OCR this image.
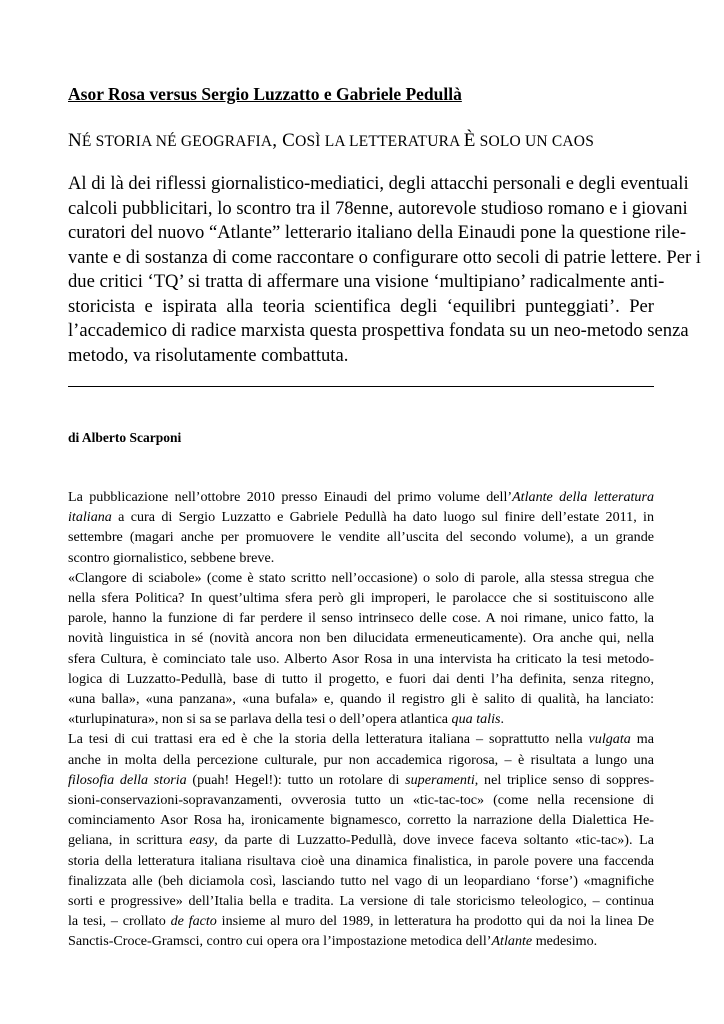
Asor Rosa versus Sergio Luzzatto e Gabriele Pedullà
NÉ STORIA NÉ GEOGRAFIA, COSÌ LA LETTERATURA È SOLO UN CAOS
Al di là dei riflessi giornalistico-mediatici, degli attacchi personali e degli eventuali
calcoli pubblicitari, lo scontro tra il 78enne, autorevole studioso romano e i giovani
curatori del nuovo “Atlante” letterario italiano della Einaudi pone la questione rile-
vante e di sostanza di come raccontare o configurare otto secoli di patrie lettere. Per i
due critici ‘TQ’ si tratta di affermare una visione ‘multipiano’ radicalmente anti-
storicista e ispirata alla teoria scientifica degli ‘equilibri punteggiati’. Per
l’accademico di radice marxista questa prospettiva fondata su un neo-metodo senza
metodo, va risolutamente combattuta.
di Alberto Scarponi
La pubblicazione nell’ottobre 2010 presso Einaudi del primo volume dell’Atlante della letteratura
italiana a cura di Sergio Luzzatto e Gabriele Pedullà ha dato luogo sul finire dell’estate 2011, in
settembre (magari anche per promuovere le vendite all’uscita del secondo volume), a un grande
scontro giornalistico, sebbene breve.
«Clangore di sciabole» (come è stato scritto nell’occasione) o solo di parole, alla stessa stregua che
nella sfera Politica? In quest’ultima sfera però gli improperi, le parolacce che si sostituiscono alle
parole, hanno la funzione di far perdere il senso intrinseco delle cose. A noi rimane, unico fatto, la
novità linguistica in sé (novità ancora non ben dilucidata ermeneuticamente). Ora anche qui, nella
sfera Cultura, è cominciato tale uso. Alberto Asor Rosa in una intervista ha criticato la tesi metodo-
logica di Luzzatto-Pedullà, base di tutto il progetto, e fuori dai denti l’ha definita, senza ritegno,
«una balla», «una panzana», «una bufala» e, quando il registro gli è salito di qualità, ha lanciato:
«turlupinatura», non si sa se parlava della tesi o dell’opera atlantica qua talis.
La tesi di cui trattasi era ed è che la storia della letteratura italiana – soprattutto nella vulgata ma
anche in molta della percezione culturale, pur non accademica rigorosa, – è risultata a lungo una
filosofia della storia (puah! Hegel!): tutto un rotolare di superamenti, nel triplice senso di soppres-
sioni-conservazioni-sopravanzamenti, ovverosia tutto un «tic-tac-toc» (come nella recensione di
cominciamento Asor Rosa ha, ironicamente bignamesco, corretto la narrazione della Dialettica He-
geliana, in scrittura easy, da parte di Luzzatto-Pedullà, dove invece faceva soltanto «tic-tac»). La
storia della letteratura italiana risultava cioè una dinamica finalistica, in parole povere una faccenda
finalizzata alle (beh diciamola così, lasciando tutto nel vago di un leopardiano ‘forse’) «magnifiche
sorti e progressive» dell’Italia bella e tradita. La versione di tale storicismo teleologico, – continua
la tesi, – crollato de facto insieme al muro del 1989, in letteratura ha prodotto qui da noi la linea De
Sanctis-Croce-Gramsci, contro cui opera ora l’impostazione metodica dell’Atlante medesimo.
